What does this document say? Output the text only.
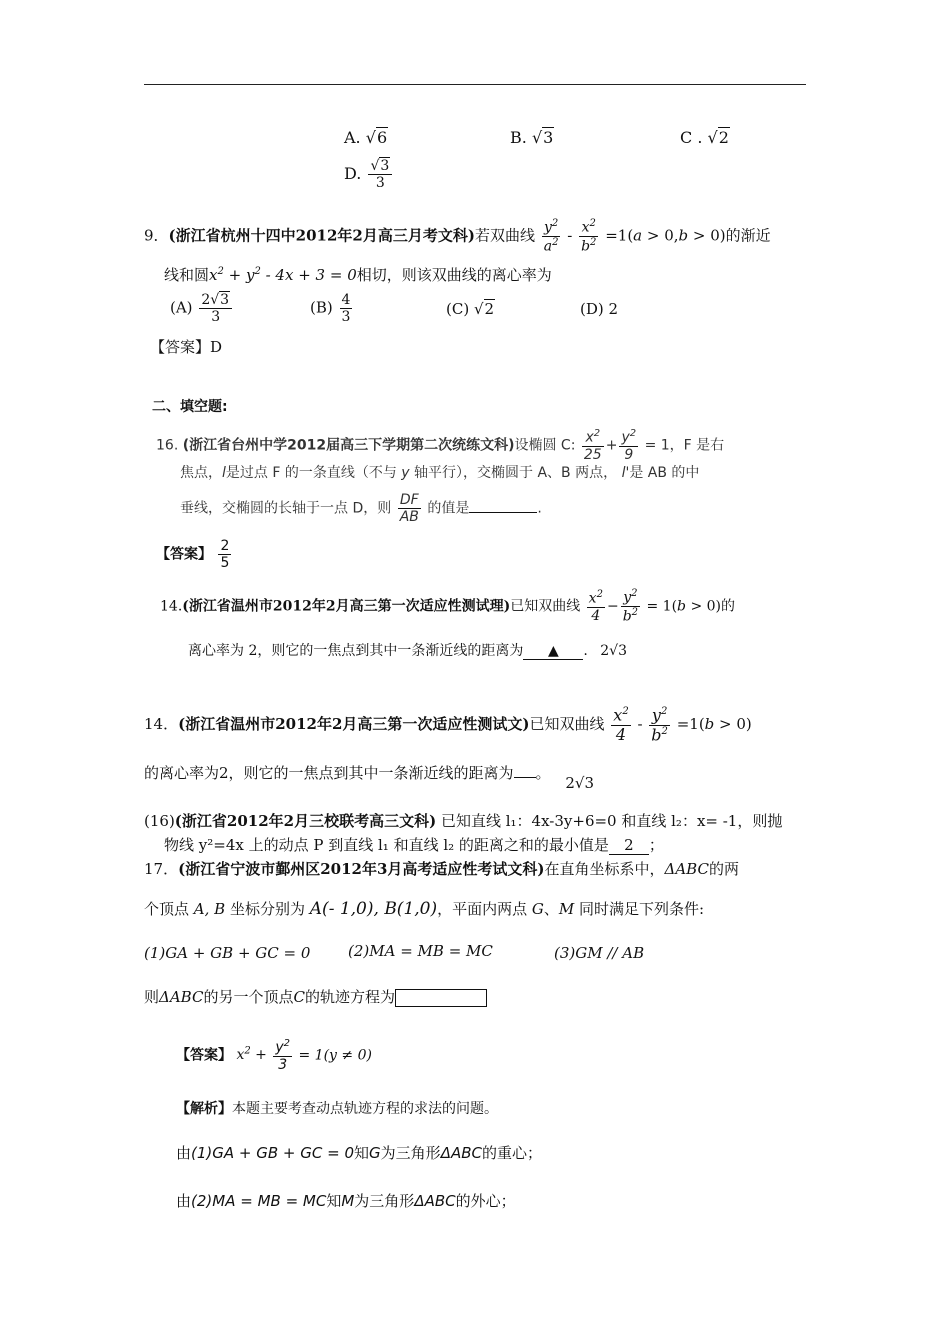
A. √6	B. √3	C . √2
D. $\frac{√3}{3}$
9．(浙江省杭州十四中2012年2月高三月考文科)若双曲线 $\frac{y^2}{a^2} - \frac{x^2}{b^2} =1(a > 0,b > 0)$的渐近
线和圆$x^2 + y^2 - 4x + 3 = 0$相切，则该双曲线的离心率为
$(A) \frac{2√3}{3}$	$(B) \frac{4}{3}$	(C) √2	(D) 2
【答案】D
二、填空题:
16. (浙江省台州中学2012届高三下学期第二次统练文科)设椭圆 C: $\frac{x^2}{25} + \frac{y^2}{9} = 1$，F 是右
焦点，l是过点 F 的一条直线（不与 y 轴平行），交椭圆于 A、B 两点， l'是 AB 的中
垂线，交椭圆的长轴于一点 D，则 $\frac{DF}{AB}$ 的值是	.
【答案】 $\frac{2}{5}$
14.(浙江省温州市2012年2月高三第一次适应性测试理)已知双曲线 $\frac{x^2}{4} - \frac{y^2}{b^2} = 1(b > 0)$的
离心率为 2，则它的一焦点到其中一条渐近线的距离为 ▲ . 2√3
14．(浙江省温州市2012年2月高三第一次适应性测试文)已知双曲线 $\frac{x^2}{4} - \frac{y^2}{b^2} =1(b > 0)$
的离心率为2，则它的一焦点到其中一条渐近线的距离为 。 2√3
(16)(浙江省2012年2月三校联考高三文科) 已知直线 l₁：4x-3y+6=0 和直线 l₂：x= -1，则抛
物线 y²=4x 上的动点 P 到直线 l₁ 和直线 l₂ 的距离之和的最小值是 2 ；
17．(浙江省宁波市鄞州区2012年3月高考适应性考试文科)在直角坐标系中，ΔABC的两
个顶点 A, B 坐标分别为 A(- 1,0), B(1,0)，平面内两点 G、M 同时满足下列条件:
(1)GA + GB + GC = 0	(2)MA = MB = MC	(3)GM // AB
则ΔABC的另一个顶点C的轨迹方程为
【答案】 $x^2 + \frac{y^2}{3} = 1(y \ne 0)$
【解析】本题主要考查动点轨迹方程的求法的问题。
由(1)GA + GB + GC = 0知G为三角形ΔABC的重心；
由(2)MA = MB = MC知M为三角形ΔABC的外心；
